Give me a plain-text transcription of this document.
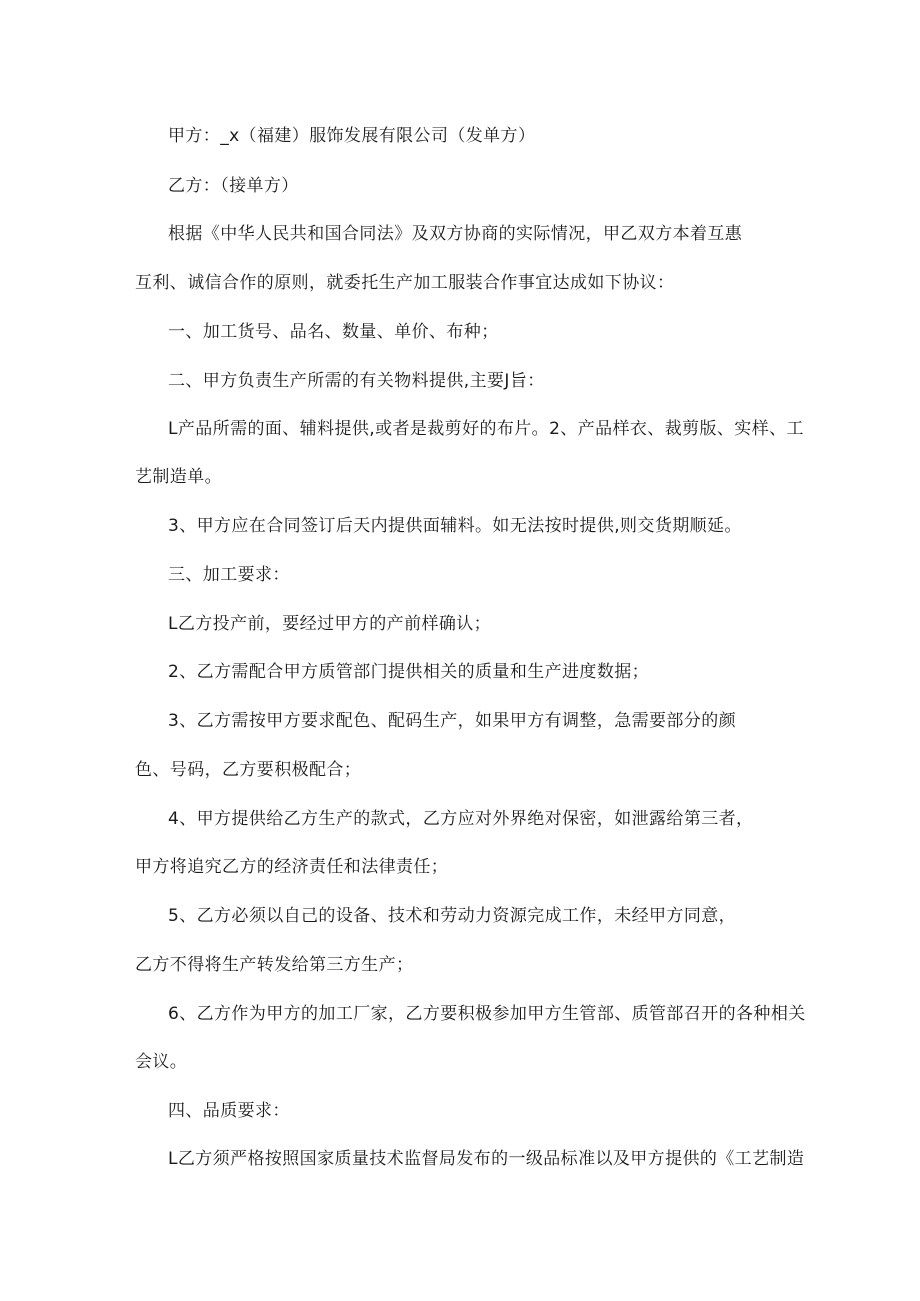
甲方：_x（福建）服饰发展有限公司（发单方）
乙方：（接单方）
根据《中华人民共和国合同法》及双方协商的实际情况，甲乙双方本着互惠
互利、诚信合作的原则，就委托生产加工服装合作事宜达成如下协议：
一、加工货号、品名、数量、单价、布种；
二、甲方负责生产所需的有关物料提供,主要J旨：
L产品所需的面、辅料提供,或者是裁剪好的布片。2、产品样衣、裁剪版、实样、工
艺制造单。
3、甲方应在合同签订后天内提供面辅料。如无法按时提供,则交货期顺延。
三、加工要求：
L乙方投产前，要经过甲方的产前样确认；
2、乙方需配合甲方质管部门提供相关的质量和生产进度数据；
3、乙方需按甲方要求配色、配码生产，如果甲方有调整，急需要部分的颜
色、号码，乙方要积极配合；
4、甲方提供给乙方生产的款式，乙方应对外界绝对保密，如泄露给第三者，
甲方将追究乙方的经济责任和法律责任；
5、乙方必须以自己的设备、技术和劳动力资源完成工作，未经甲方同意，
乙方不得将生产转发给第三方生产；
6、乙方作为甲方的加工厂家，乙方要积极参加甲方生管部、质管部召开的各种相关
会议。
四、品质要求：
L乙方须严格按照国家质量技术监督局发布的一级品标准以及甲方提供的《工艺制造
